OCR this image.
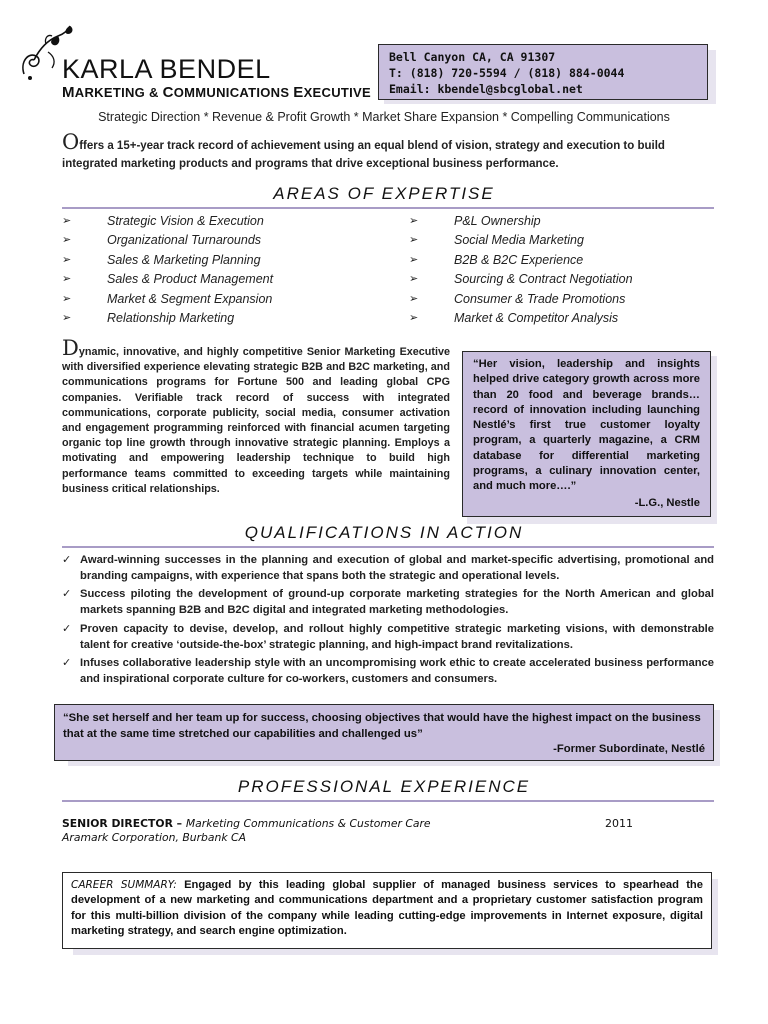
KARLA BENDEL
MARKETING & COMMUNICATIONS EXECUTIVE
Bell Canyon CA, CA 91307
T: (818) 720-5594 / (818) 884-0044
Email: kbendel@sbcglobal.net
Strategic Direction * Revenue & Profit Growth * Market Share Expansion * Compelling Communications
Offers a 15+-year track record of achievement using an equal blend of vision, strategy and execution to build integrated marketing products and programs that drive exceptional business performance.
AREAS OF EXPERTISE
➢ Strategic Vision & Execution
➢ Organizational Turnarounds
➢ Sales & Marketing Planning
➢ Sales & Product Management
➢ Market & Segment Expansion
➢ Relationship Marketing
➢ P&L Ownership
➢ Social Media Marketing
➢ B2B & B2C Experience
➢ Sourcing & Contract Negotiation
➢ Consumer & Trade Promotions
➢ Market & Competitor Analysis
Dynamic, innovative, and highly competitive Senior Marketing Executive with diversified experience elevating strategic B2B and B2C marketing, and communications programs for Fortune 500 and leading global CPG companies. Verifiable track record of success with integrated communications, corporate publicity, social media, consumer activation and engagement programming reinforced with financial acumen targeting organic top line growth through innovative strategic planning. Employs a motivating and empowering leadership technique to build high performance teams committed to exceeding targets while maintaining business critical relationships.
“Her vision, leadership and insights helped drive category growth across more than 20 food and beverage brands…record of innovation including launching Nestlé’s first true customer loyalty program, a quarterly magazine, a CRM database for differential marketing programs, a culinary innovation center, and much more….”
-L.G., Nestle
QUALIFICATIONS IN ACTION
✓ Award-winning successes in the planning and execution of global and market-specific advertising, promotional and branding campaigns, with experience that spans both the strategic and operational levels.
✓ Success piloting the development of ground-up corporate marketing strategies for the North American and global markets spanning B2B and B2C digital and integrated marketing methodologies.
✓ Proven capacity to devise, develop, and rollout highly competitive strategic marketing visions, with demonstrable talent for creative ‘outside-the-box’ strategic planning, and high-impact brand revitalizations.
✓ Infuses collaborative leadership style with an uncompromising work ethic to create accelerated business performance and inspirational corporate culture for co-workers, customers and consumers.
“She set herself and her team up for success, choosing objectives that would have the highest impact on the business that at the same time stretched our capabilities and challenged us”
-Former Subordinate, Nestlé
PROFESSIONAL EXPERIENCE
SENIOR DIRECTOR – Marketing Communications & Customer Care	2011
Aramark Corporation, Burbank CA
CAREER SUMMARY: Engaged by this leading global supplier of managed business services to spearhead the development of a new marketing and communications department and a proprietary customer satisfaction program for this multi-billion division of the company while leading cutting-edge improvements in Internet exposure, digital marketing strategy, and search engine optimization.
